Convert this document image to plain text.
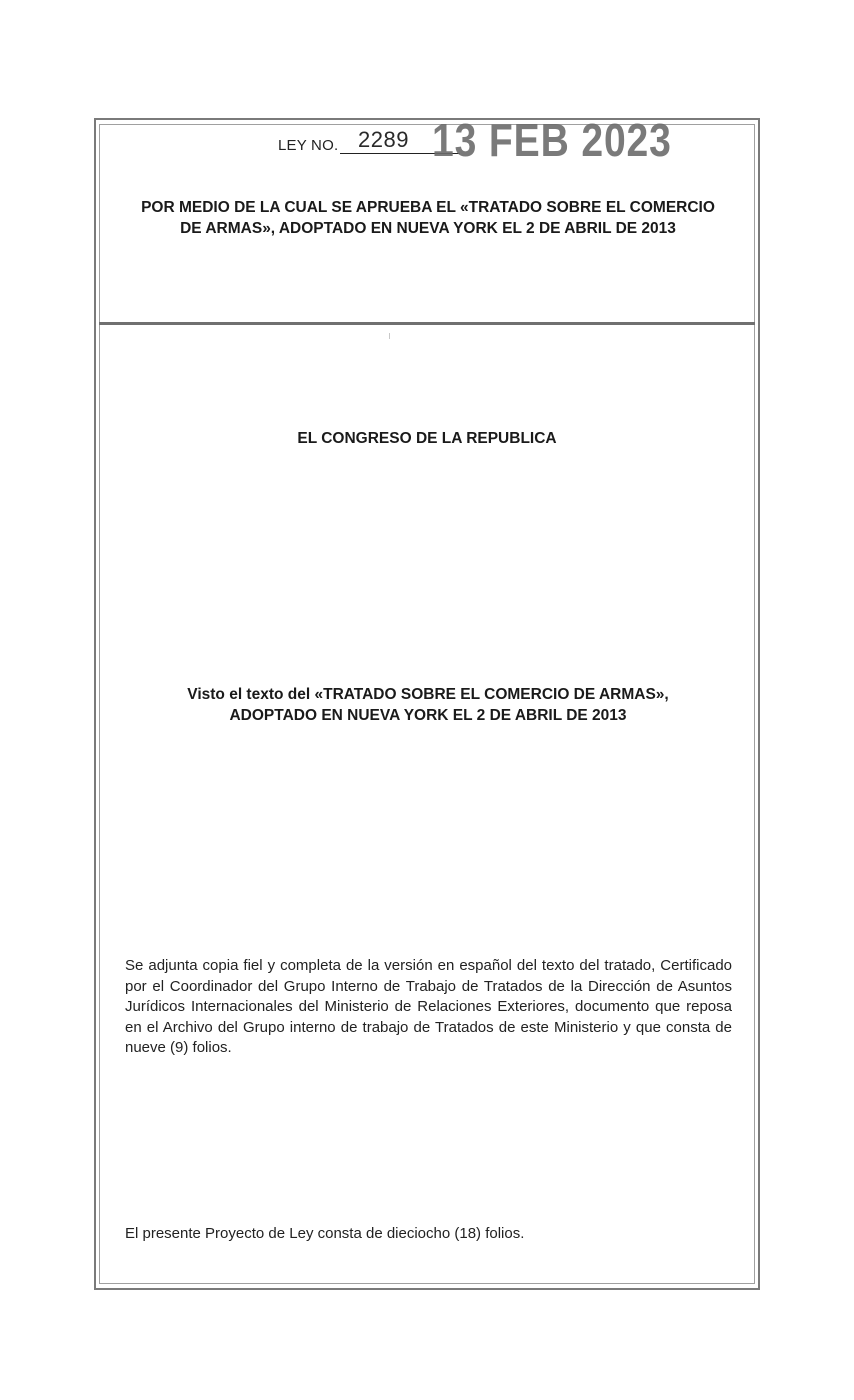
LEY NO. 2289 13 FEB 2023
POR MEDIO DE LA CUAL SE APRUEBA EL «TRATADO SOBRE EL COMERCIO DE ARMAS», ADOPTADO EN NUEVA YORK EL 2 DE ABRIL DE 2013
EL CONGRESO DE LA REPUBLICA
Visto el texto del «TRATADO SOBRE EL COMERCIO DE ARMAS», ADOPTADO EN NUEVA YORK EL 2 DE ABRIL DE 2013
Se adjunta copia fiel y completa de la versión en español del texto del tratado, Certificado por el Coordinador del Grupo Interno de Trabajo de Tratados de la Dirección de Asuntos Jurídicos Internacionales del Ministerio de Relaciones Exteriores, documento que reposa en el Archivo del Grupo interno de trabajo de Tratados de este Ministerio y que consta de nueve (9) folios.
El presente Proyecto de Ley consta de dieciocho (18) folios.
